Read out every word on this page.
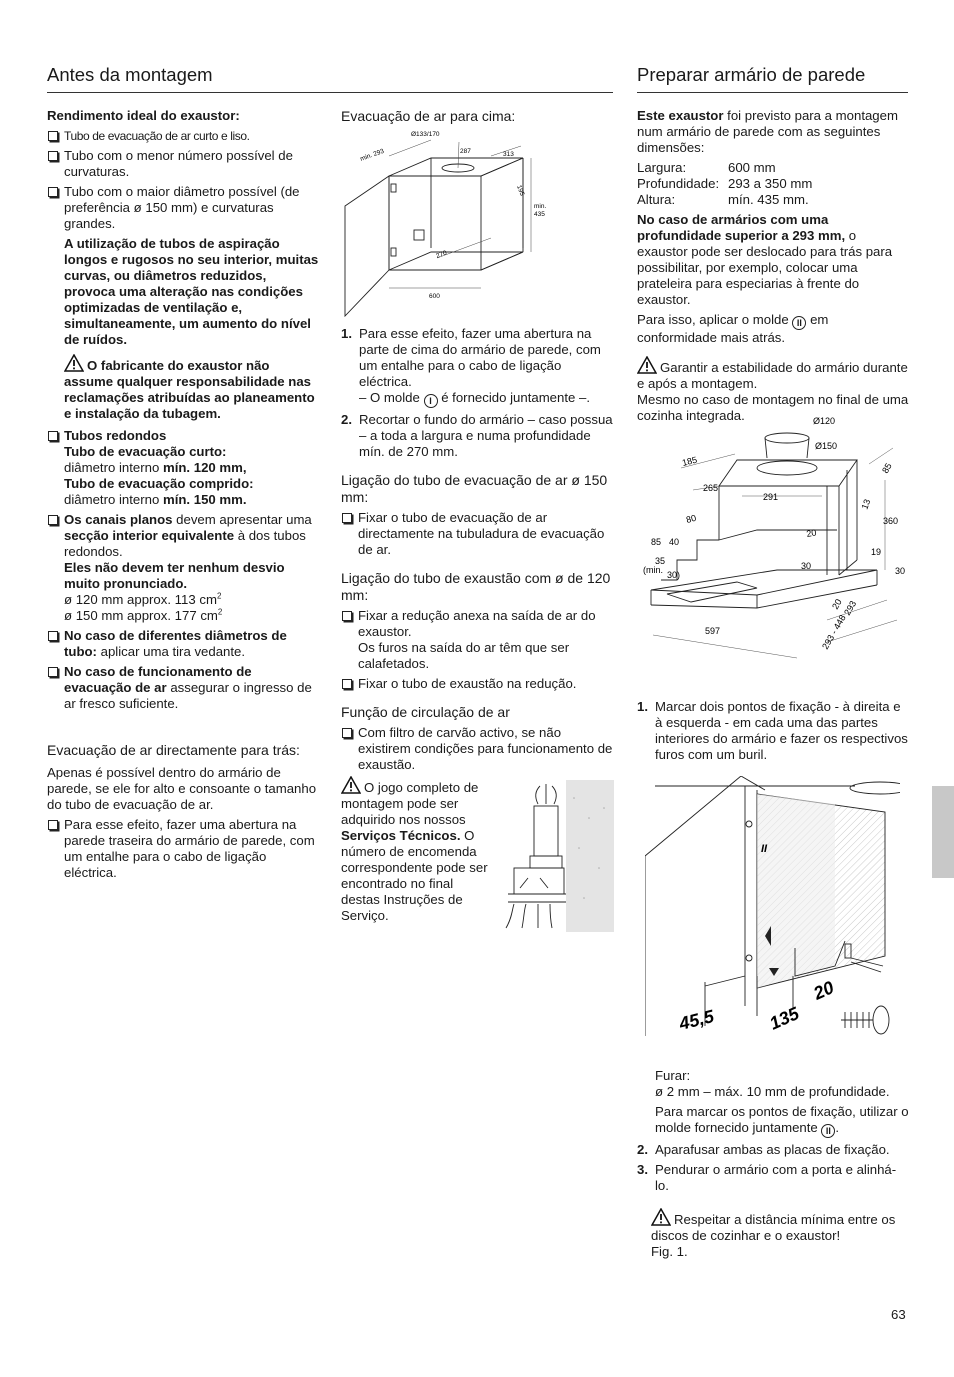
Antes da montagem

Rendimento ideal do exaustor:

Tubo de evacuação de ar curto e liso.

Tubo com o menor número possível de curvaturas.

Tubo com o maior diâmetro possível (de preferência ø 150 mm) e curvaturas grandes.

A utilização de tubos de aspiração longos e rugosos no seu interior, muitas curvas, ou diâmetros reduzidos, provoca uma alteração nas condições optimizadas de ventilação e, simultaneamente, um aumento do nível de ruídos.

O fabricante do exaustor não assume qualquer responsabilidade nas reclamações atribuídas ao planeamento e instalação da tubagem.

Tubos redondos

Tubo de evacuação curto:

diâmetro interno mín. 120 mm,

Tubo de evacuação comprido:

diâmetro interno mín. 150 mm.

Os canais planos devem apresentar uma secção interior equivalente à dos tubos redondos.

Eles não devem ter nenhum desvio muito pronunciado.

ø 120 mm approx. 113 $cm^2$

ø 150 mm approx. 177 $cm^2$

No caso de diferentes diâmetros de tubo: aplicar uma tira vedante.

No caso de funcionamento de evacuação de ar assegurar o ingresso de ar fresco suficiente.

Evacuação de ar directamente para trás:

Apenas é possível dentro do armário de parede, se ele for alto e consoante o tamanho do tubo de evacuação de ar.

Para esse efeito, fazer uma abertura na parede traseira do armário de parede, com um entalhe para o cabo de ligação eléctrica.

Evacuação de ar para cima:

Ø133/170
287	313
195
min. 293
min.
435
270
600
1. Para esse efeito, fazer uma abertura na parte de cima do armário de parede, com um entalhe para o cabo de ligação eléctrica.

– O molde I é fornecido juntamente –.

2. Recortar o fundo do armário – caso possua – a toda a largura e numa profundidade mín. de 270 mm.

Ligação do tubo de evacuação de ar ø 150 mm:

Fixar o tubo de evacuação de ar directamente na tubuladura de evacuação de ar.

Ligação do tubo de exaustão com ø de 120 mm:

Fixar a redução anexa na saída de ar do exaustor.

Os furos na saída do ar têm que ser calafetados.

Fixar o tubo de exaustão na redução.

Função de circulação de ar

Com filtro de carvão activo, se não existirem condições para funcionamento de exaustão.

O jogo completo de montagem pode ser adquirido nos nossos Serviços Técnicos. O número de encomenda correspondente pode ser encontrado no final destas Instruções de Serviço.

Preparar armário de parede

Este exaustor foi previsto para a montagem num armário de parede com as seguintes dimensões:

Largura:	600 mm
Profundidade: 293 a 350 mm
Altura:	mín. 435 mm.

No caso de armários com uma profundidade superior a 293 mm, o exaustor pode ser deslocado para trás para possibilitar, por exemplo, colocar uma prateleira para especiarias à frente do exaustor.

Para isso, aplicar o molde II em conformidade mais atrás.

Garantir a estabilidade do armário durante e após a montagem.

Mesmo no caso de montagem no final de uma cozinha integrada.	Ø120
Ø150
185
265
291
85
80
13
360
85 40
20
35
(min. 30)
19
30	30
20
293
293 - 448
597
1. Marcar dois pontos de fixação - à direita e à esquerda - em cada uma das partes interiores do armário e fazer os respectivos furos com um buril.

II
45,5	135
20

Furar:

ø 2 mm – máx. 10 mm de profundidade.

Para marcar os pontos de fixação, utilizar o molde fornecido juntamente II .

2. Aparafusar ambas as placas de fixação.

3. Pendurar o armário com a porta e alinhá-lo.

Respeitar a distância mínima entre os discos de cozinhar e o exaustor!

Fig. 1.

63
